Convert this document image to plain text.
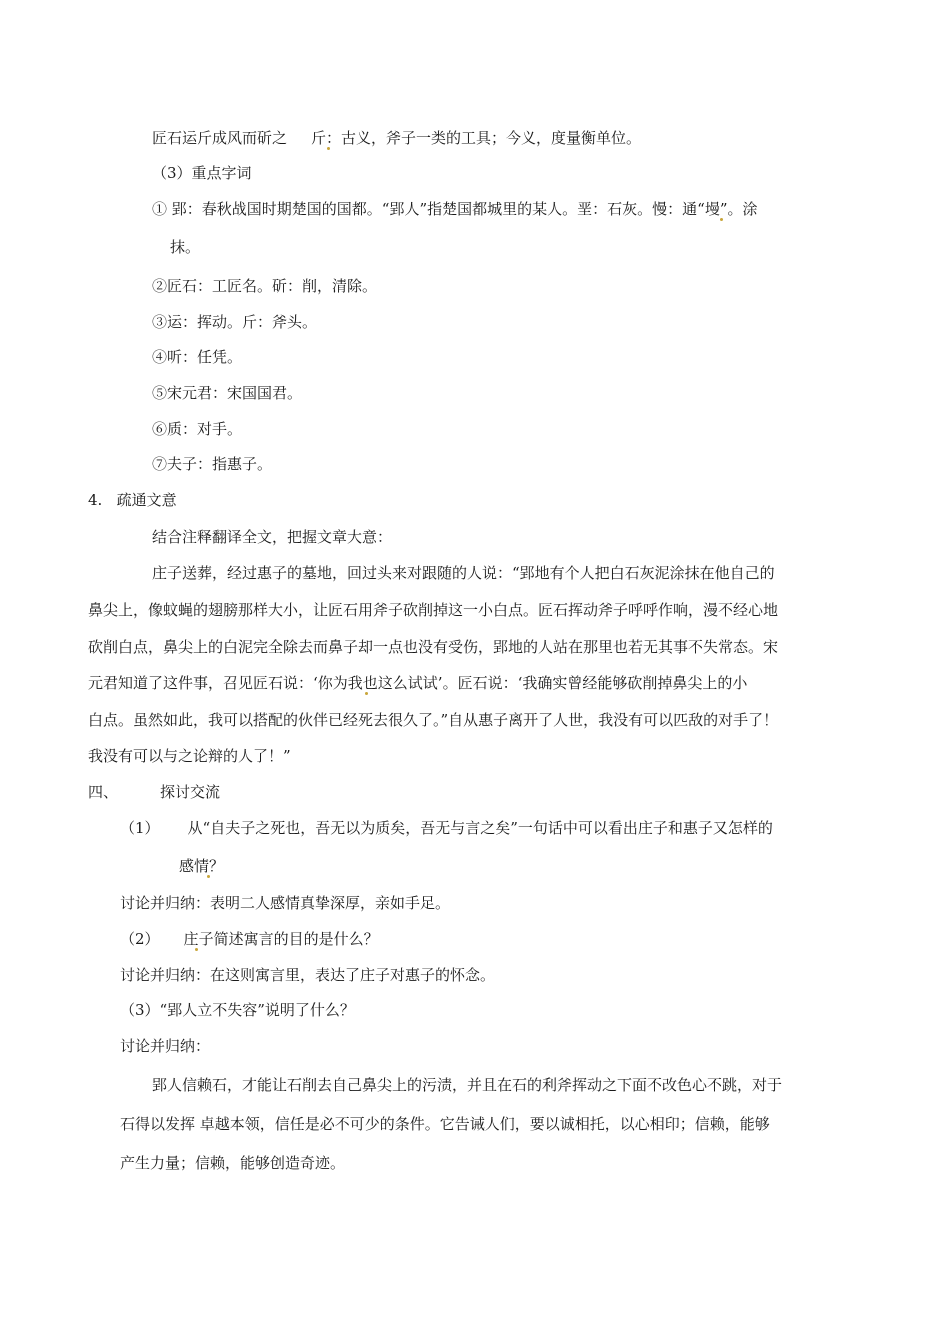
匠石运斤成风而斫之 斤
：古义，斧子一类的工具；今义，度量衡单位。
（3）重点字词
① 郢：春秋战国时期楚国的国都。“郢人”指楚国都城里的某人。垩：石灰。慢：通“墁
”。涂
抹。
②匠石：工匠名。斫：削，清除。
③运：挥动。斤：斧头。
④听：任凭。
⑤宋元君：宋国国君。
⑥质：对手。
⑦夫子：指惠子。
4. 疏通文意
结合注释翻译全文，把握文章大意：
庄子送葬，经过惠子的墓地，回过头来对跟随的人说：“郢地有个人把白石灰泥涂抹在他自己的
鼻尖上，像蚊蝇的翅膀那样大小，让匠石用斧子砍削掉这一小白点。匠石挥动斧子呼呼作响，漫不经心地
砍削白点，鼻尖上的白泥完全除去而鼻子却一点也没有受伤，郢地的人站在那里也若无其事不失常态。宋
元君知道了这件事，召见匠石说：‘你为我也
这么试试’。匠石说：‘我确实曾经能够砍削掉鼻尖上的小
白点。虽然如此，我可以搭配的伙伴已经死去很久了。”自从惠子离开了人世，我没有可以匹敌的对手了！
我没有可以与之论辩的人了！”
四、	探讨交流
（1） 从“自夫子之死也，吾无以为质矣，吾无与言之矣”一句话中可以看出庄子和惠子又怎样的
感情
？
讨论并归纳：表明二人感情真挚深厚，亲如手足。
（2） 庄
子简述寓言的目的是什么？
讨论并归纳：在这则寓言里，表达了庄子对惠子的怀念。
（3）“郢人立不失容”说明了什么？
讨论并归纳：
郢人信赖石，才能让石削去自己鼻尖上的污渍，并且在石的利斧挥动之下面不改色心不跳，对于
石得以发挥 卓越本领，信任是必不可少的条件。它告诫人们，要以诚相托，以心相印；信赖，能够
产生力量；信赖，能够创造奇迹。
